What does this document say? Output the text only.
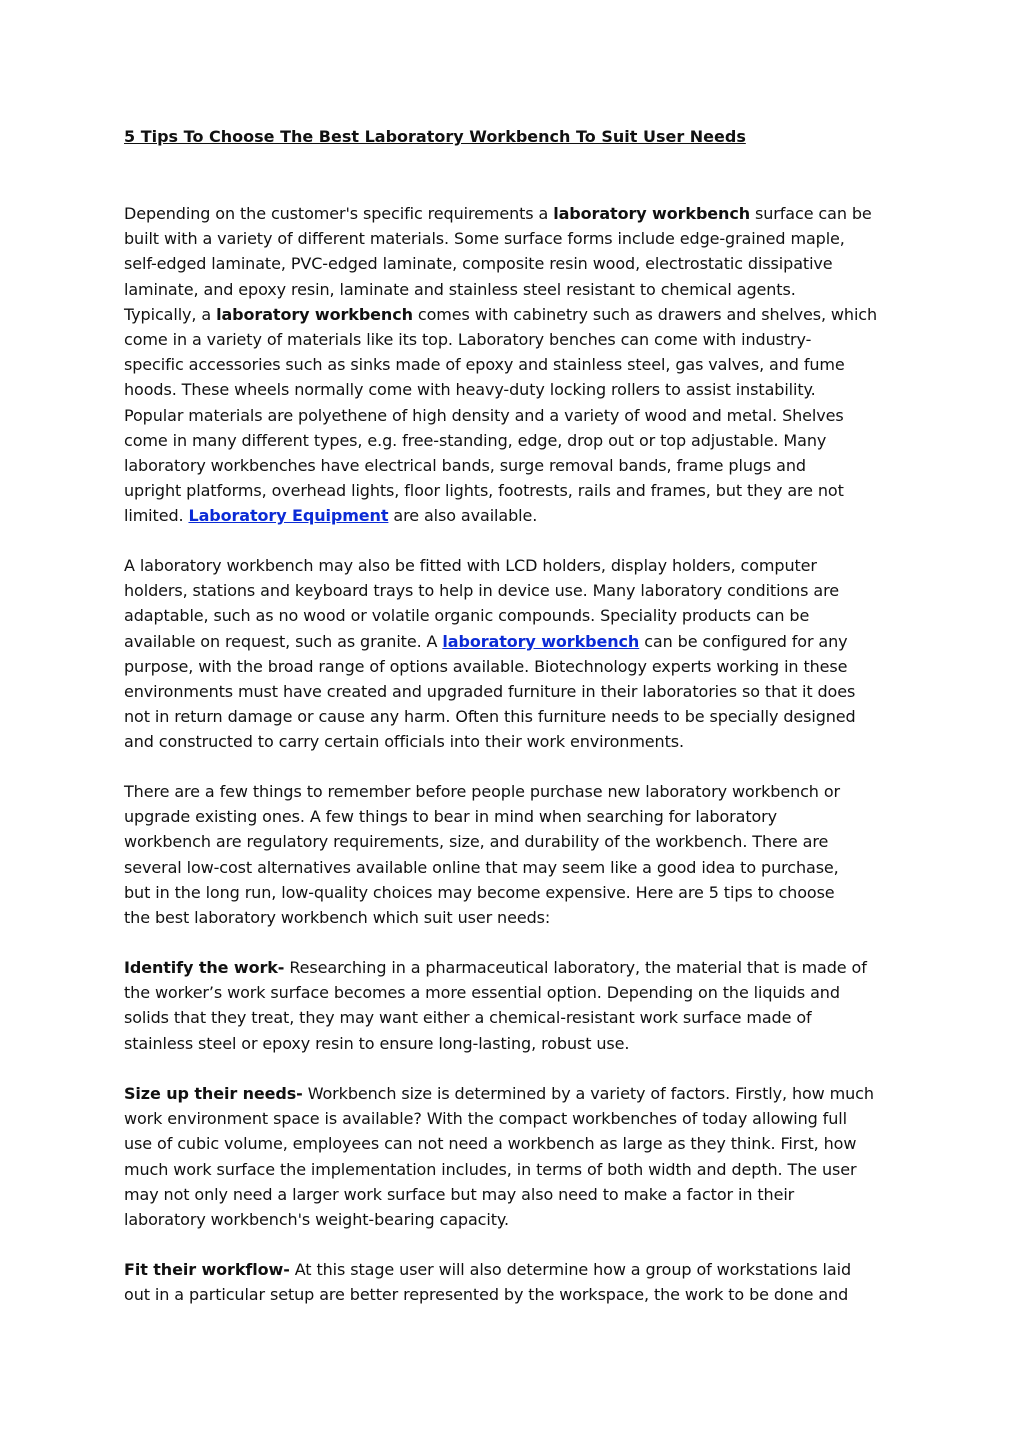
5 Tips To Choose The Best Laboratory Workbench To Suit User Needs

Depending on the customer's specific requirements a laboratory workbench surface can be
built with a variety of different materials. Some surface forms include edge-grained maple,
self-edged laminate, PVC-edged laminate, composite resin wood, electrostatic dissipative
laminate, and epoxy resin, laminate and stainless steel resistant to chemical agents.
Typically, a laboratory workbench comes with cabinetry such as drawers and shelves, which
come in a variety of materials like its top. Laboratory benches can come with industry-
specific accessories such as sinks made of epoxy and stainless steel, gas valves, and fume
hoods. These wheels normally come with heavy-duty locking rollers to assist instability.
Popular materials are polyethene of high density and a variety of wood and metal. Shelves
come in many different types, e.g. free-standing, edge, drop out or top adjustable. Many
laboratory workbenches have electrical bands, surge removal bands, frame plugs and
upright platforms, overhead lights, floor lights, footrests, rails and frames, but they are not
limited. Laboratory Equipment are also available.

A laboratory workbench may also be fitted with LCD holders, display holders, computer
holders, stations and keyboard trays to help in device use. Many laboratory conditions are
adaptable, such as no wood or volatile organic compounds. Speciality products can be
available on request, such as granite. A laboratory workbench can be configured for any
purpose, with the broad range of options available. Biotechnology experts working in these
environments must have created and upgraded furniture in their laboratories so that it does
not in return damage or cause any harm. Often this furniture needs to be specially designed
and constructed to carry certain officials into their work environments.

There are a few things to remember before people purchase new laboratory workbench or
upgrade existing ones. A few things to bear in mind when searching for laboratory
workbench are regulatory requirements, size, and durability of the workbench. There are
several low-cost alternatives available online that may seem like a good idea to purchase,
but in the long run, low-quality choices may become expensive. Here are 5 tips to choose
the best laboratory workbench which suit user needs:

Identify the work- Researching in a pharmaceutical laboratory, the material that is made of
the worker’s work surface becomes a more essential option. Depending on the liquids and
solids that they treat, they may want either a chemical-resistant work surface made of
stainless steel or epoxy resin to ensure long-lasting, robust use.

Size up their needs- Workbench size is determined by a variety of factors. Firstly, how much
work environment space is available? With the compact workbenches of today allowing full
use of cubic volume, employees can not need a workbench as large as they think. First, how
much work surface the implementation includes, in terms of both width and depth. The user
may not only need a larger work surface but may also need to make a factor in their
laboratory workbench's weight-bearing capacity.

Fit their workflow- At this stage user will also determine how a group of workstations laid
out in a particular setup are better represented by the workspace, the work to be done and
